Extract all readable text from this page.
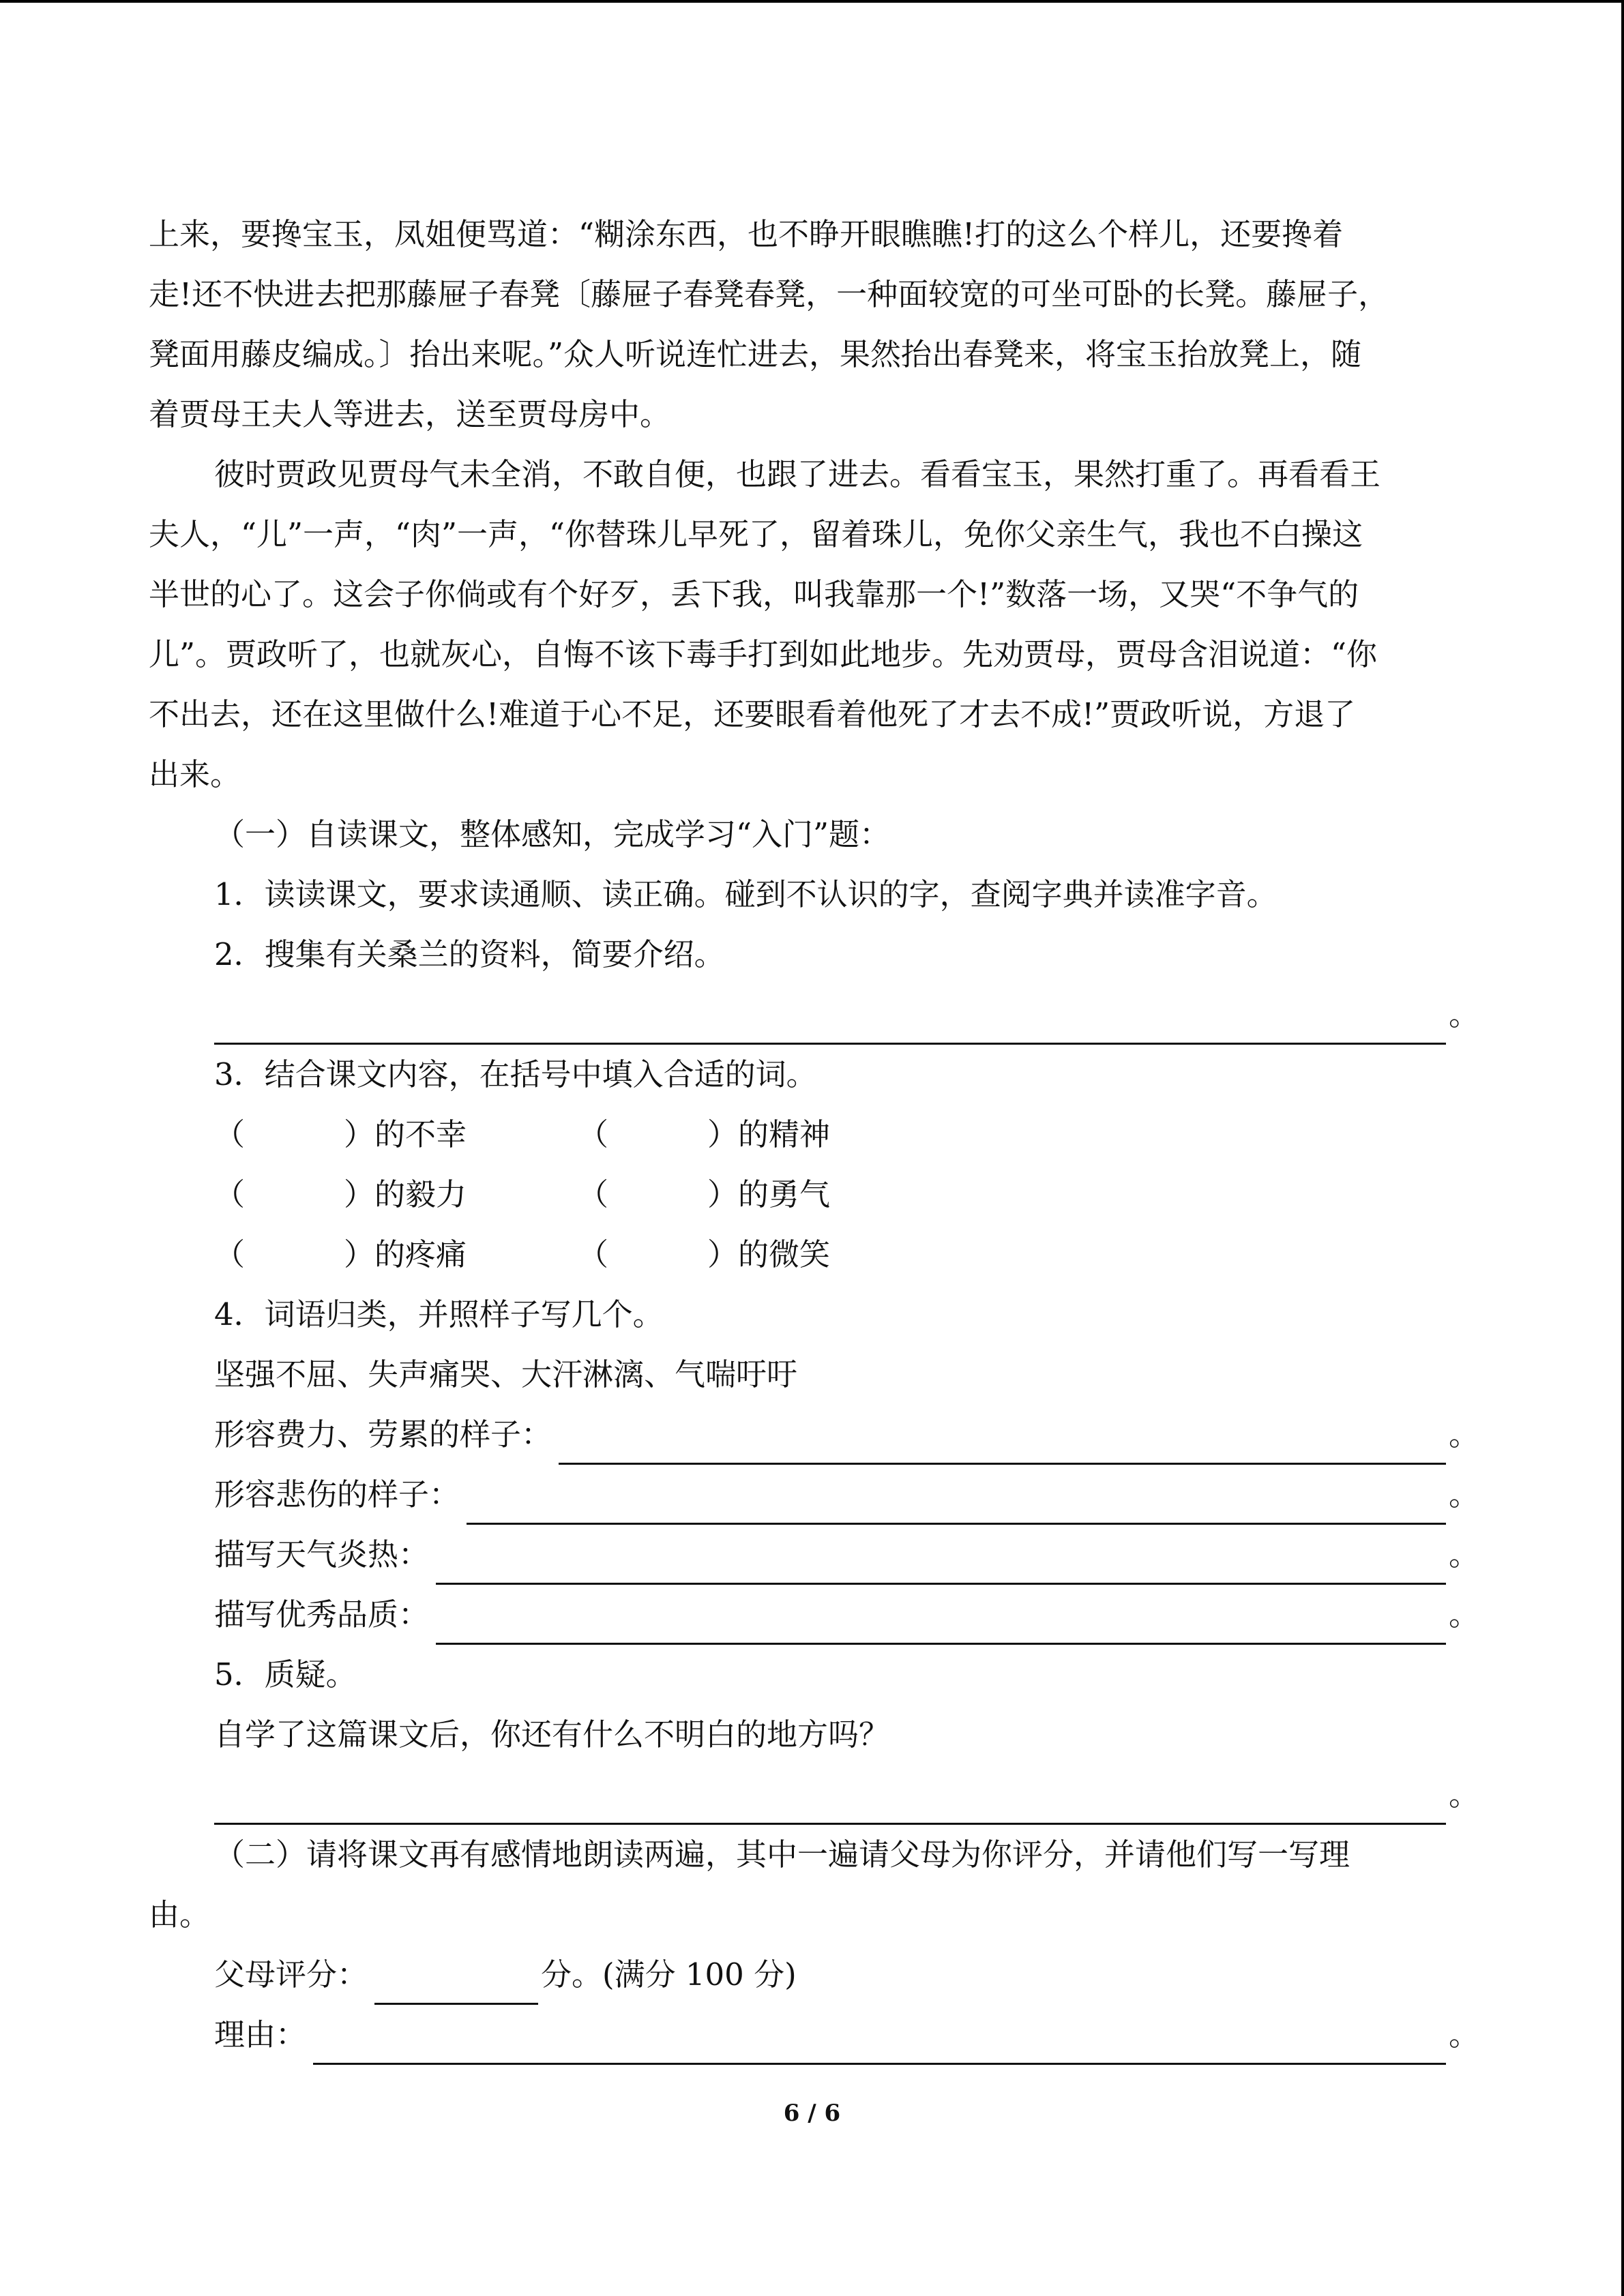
上来，要搀宝玉，凤姐便骂道：“糊涂东西，也不睁开眼瞧瞧!打的这么个样儿，还要搀着
走!还不快进去把那藤屉子春凳〔藤屉子春凳春凳，一种面较宽的可坐可卧的长凳。藤屉子，
凳面用藤皮编成。〕抬出来呢。”众人听说连忙进去，果然抬出春凳来，将宝玉抬放凳上，随
着贾母王夫人等进去，送至贾母房中。
彼时贾政见贾母气未全消，不敢自便，也跟了进去。看看宝玉，果然打重了。再看看王
夫人，“儿”一声，“肉”一声，“你替珠儿早死了，留着珠儿，免你父亲生气，我也不白操这
半世的心了。这会子你倘或有个好歹，丢下我，叫我靠那一个!”数落一场，又哭“不争气的
儿”。贾政听了，也就灰心，自悔不该下毒手打到如此地步。先劝贾母，贾母含泪说道：“你
不出去，还在这里做什么!难道于心不足，还要眼看着他死了才去不成!”贾政听说，方退了
出来。
（一）自读课文，整体感知，完成学习“入门”题：
1．读读课文，要求读通顺、读正确。碰到不认识的字，查阅字典并读准字音。
2．搜集有关桑兰的资料，简要介绍。
。
3．结合课文内容，在括号中填入合适的词。
（	）的不幸	（	）的精神
（	）的毅力	（	）的勇气
（	）的疼痛	（	）的微笑
4．词语归类，并照样子写几个。
坚强不屈、失声痛哭、大汗淋漓、气喘吁吁
形容费力、劳累的样子：	。
形容悲伤的样子：	。
描写天气炎热：	。
描写优秀品质：	。
5．质疑。
自学了这篇课文后，你还有什么不明白的地方吗？
。
（二）请将课文再有感情地朗读两遍，其中一遍请父母为你评分，并请他们写一写理
由。
父母评分：	分。(满分 100 分)
理由：	。
6 / 6
